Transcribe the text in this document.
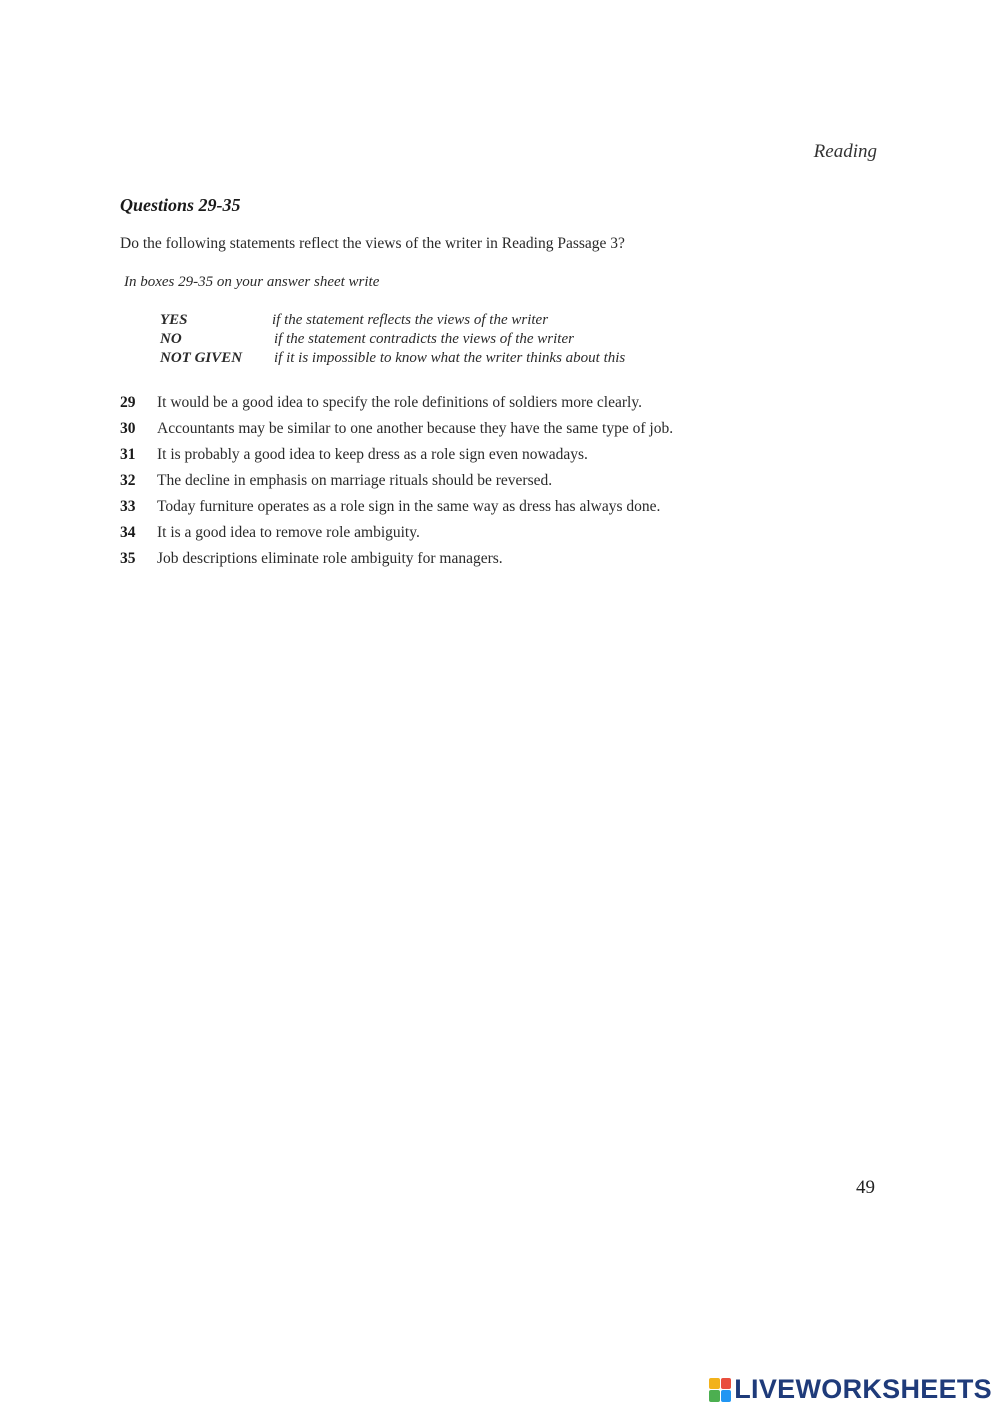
Reading
Questions 29-35
Do the following statements reflect the views of the writer in Reading Passage 3?
In boxes 29-35 on your answer sheet write
YES	if the statement reflects the views of the writer
NO	if the statement contradicts the views of the writer
NOT GIVEN if it is impossible to know what the writer thinks about this
29 It would be a good idea to specify the role definitions of soldiers more clearly.
30 Accountants may be similar to one another because they have the same type of job.
31 It is probably a good idea to keep dress as a role sign even nowadays.
32 The decline in emphasis on marriage rituals should be reversed.
33 Today furniture operates as a role sign in the same way as dress has always done.
34 It is a good idea to remove role ambiguity.
35 Job descriptions eliminate role ambiguity for managers.
49
LIVEWORKSHEETS
